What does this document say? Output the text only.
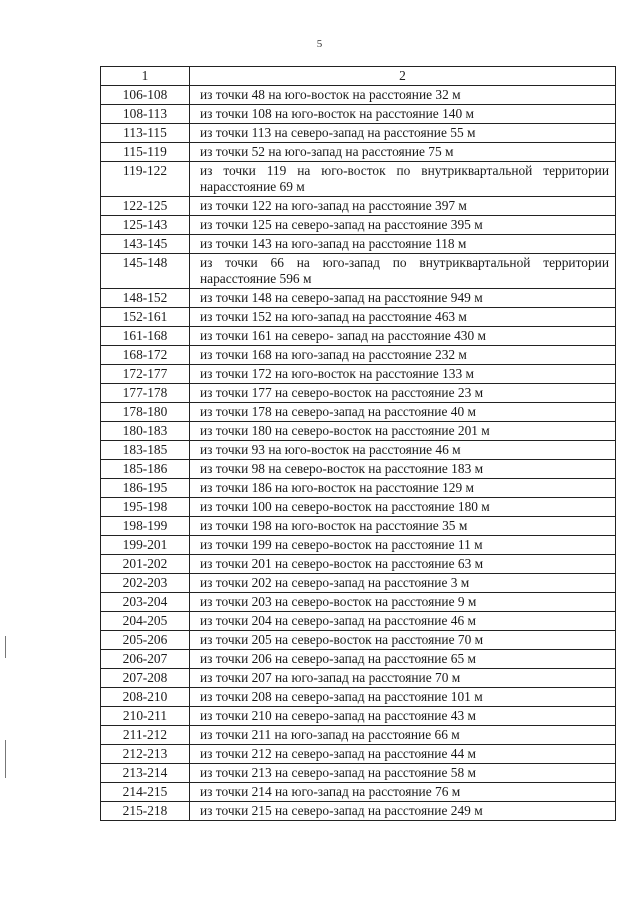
5
1	2
106-108	из точки 48 на юго-восток на расстояние 32 м
108-113	из точки 108 на юго-восток на расстояние 140 м
113-115	из точки 113 на северо-запад на расстояние 55 м
115-119	из точки 52 на юго-запад на расстояние 75 м
119-122	из точки 119 на юго-восток по внутриквартальной территории нарасстояние 69 м
122-125	из точки 122 на юго-запад на расстояние 397 м
125-143	из точки 125 на северо-запад на расстояние 395 м
143-145	из точки 143 на юго-запад на расстояние 118 м
145-148	из точки 66 на юго-запад по внутриквартальной территории нарасстояние 596 м
148-152	из точки 148 на северо-запад на расстояние 949 м
152-161	из точки 152 на юго-запад на расстояние 463 м
161-168	из точки 161 на северо- запад на расстояние 430 м
168-172	из точки 168 на юго-запад на расстояние 232 м
172-177	из точки 172 на юго-восток на расстояние 133 м
177-178	из точки 177 на северо-восток на расстояние 23 м
178-180	из точки 178 на северо-запад на расстояние 40 м
180-183	из точки 180 на северо-восток на расстояние 201 м
183-185	из точки 93 на юго-восток на расстояние 46 м
185-186	из точки 98 на северо-восток на расстояние 183 м
186-195	из точки 186 на юго-восток на расстояние 129 м
195-198	из точки 100 на северо-восток на расстояние 180 м
198-199	из точки 198 на юго-восток на расстояние 35 м
199-201	из точки 199 на северо-восток на расстояние 11 м
201-202	из точки 201 на северо-восток на расстояние 63 м
202-203	из точки 202 на северо-запад на расстояние 3 м
203-204	из точки 203 на северо-восток на расстояние 9 м
204-205	из точки 204 на северо-запад на расстояние 46 м
205-206	из точки 205 на северо-восток на расстояние 70 м
206-207	из точки 206 на северо-запад на расстояние 65 м
207-208	из точки 207 на юго-запад на расстояние 70 м
208-210	из точки 208 на северо-запад на расстояние 101 м
210-211	из точки 210 на северо-запад на расстояние 43 м
211-212	из точки 211 на юго-запад на расстояние 66 м
212-213	из точки 212 на северо-запад на расстояние 44 м
213-214	из точки 213 на северо-запад на расстояние 58 м
214-215	из точки 214 на юго-запад на расстояние 76 м
215-218	из точки 215 на северо-запад на расстояние 249 м
